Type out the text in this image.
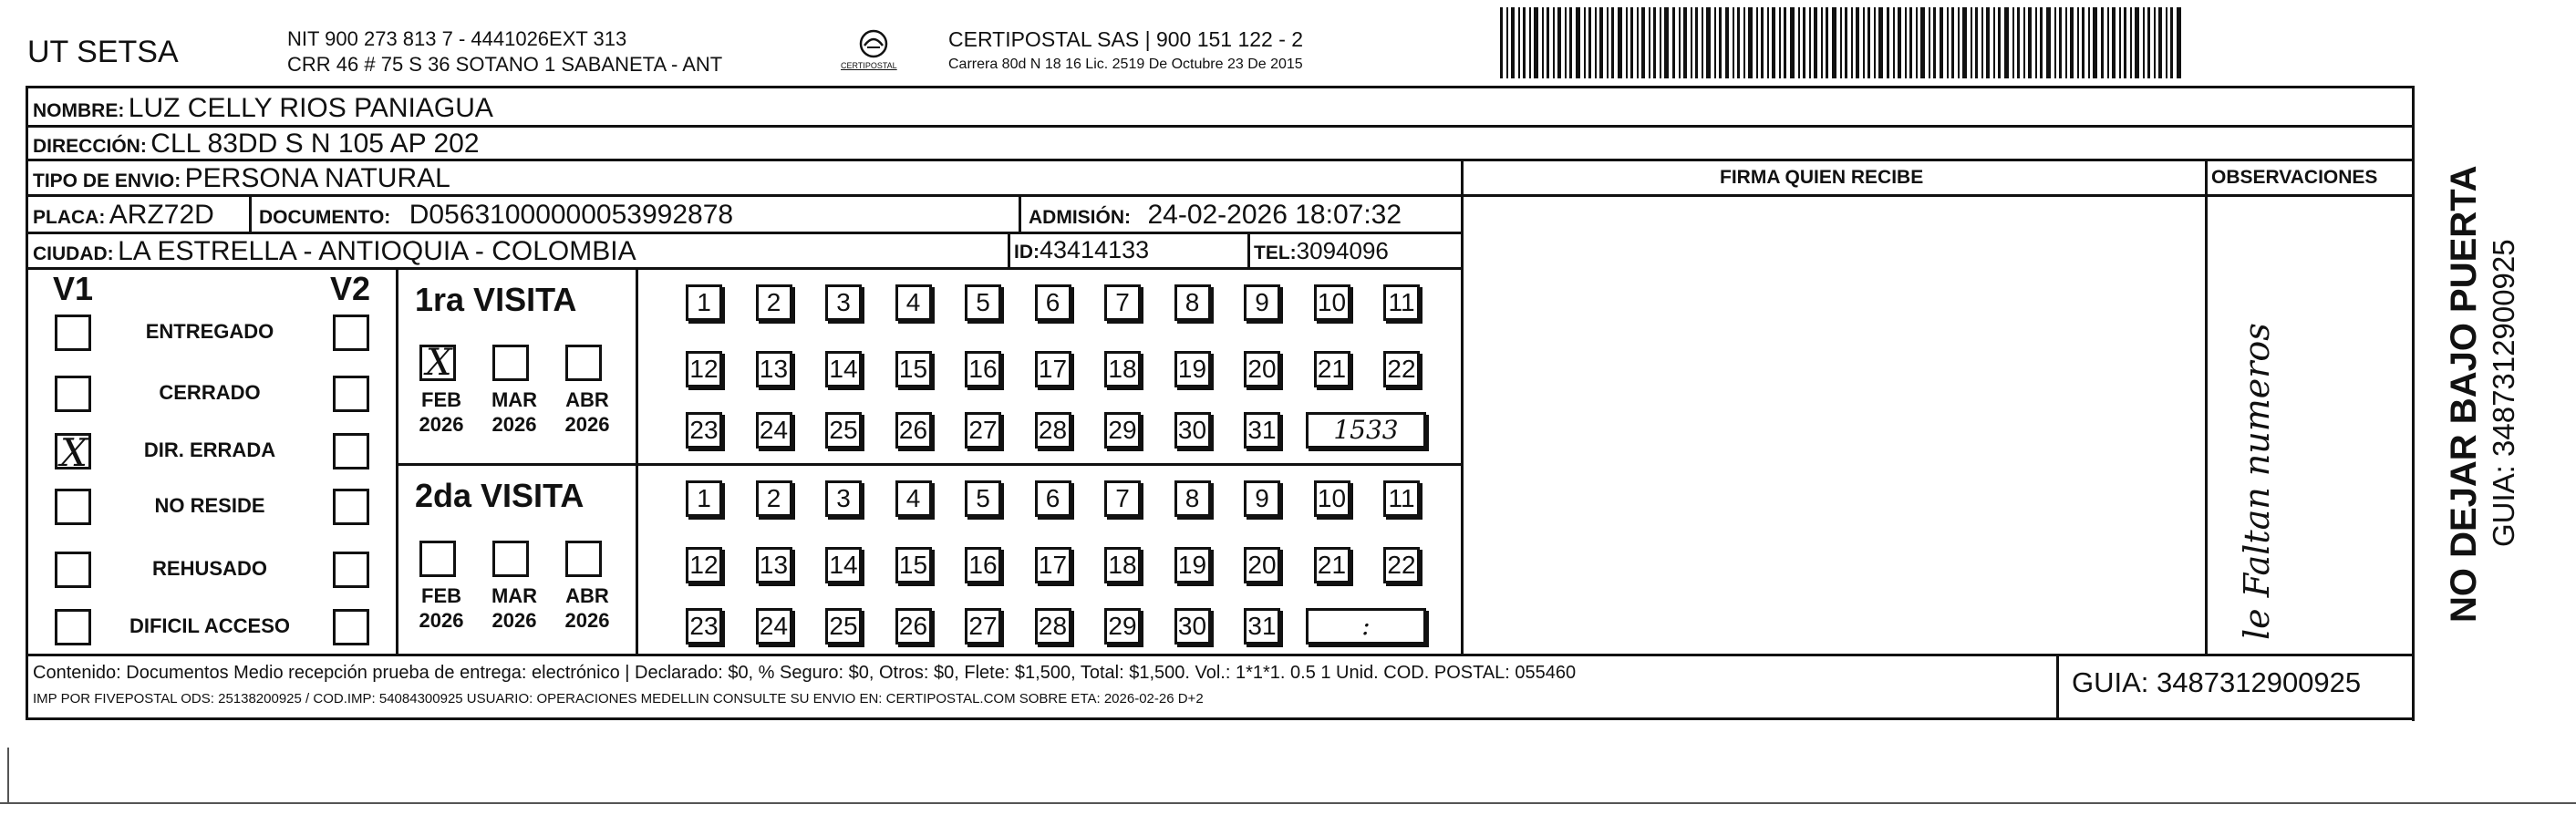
UT SETSA	NIT 900 273 813 7 - 4441026EXT 313
CRR 46 # 75 S 36 SOTANO 1 SABANETA - ANT	CERTIPOSTAL
CERTIPOSTAL SAS | 900 151 122 - 2
Carrera 80d N 18 16 Lic. 2519 De Octubre 23 De 2015
NOMBRE: LUZ CELLY RIOS PANIAGUA
DIRECCIÓN: CLL 83DD S N 105 AP 202
TIPO DE ENVIO: PERSONA NATURAL
PLACA: ARZ72D DOCUMENTO: D05631000000053992878	ADMISIÓN: 24-02-2026 18:07:32
CIUDAD: LA ESTRELLA - ANTIOQUIA - COLOMBIA	ID:43414133	TEL:3094096
FIRMA QUIEN RECIBE	OBSERVACIONES
V1	V2
ENTREGADO
CERRADO
X	DIR. ERRADA
NO RESIDE
REHUSADO
DIFICIL ACCESO
1ra VISITA
X
FEB
2026
MAR
2026
ABR
2026
1	2	3	4	5	6	7	8	9	10 11
12 13 14 15 16 17 18 19 20 21 22
23 24 25 26 27 28 29 30 31	1533
2da VISITA
FEB
2026
MAR
2026
ABR
2026
1	2	3	4	5	6	7	8	9	10 11
12 13 14 15 16 17 18 19 20 21 22
23 24 25 26 27 28 29 30 31	:	le Faltan numeros	NO DEJAR BAJO PUERTA GUIA: 3487312900925
Contenido: Documentos Medio recepción prueba de entrega: electrónico | Declarado: $0, % Seguro: $0, Otros: $0, Flete: $1,500, Total: $1,500. Vol.: 1*1*1. 0.5 1 Unid. COD. POSTAL: 055460
IMP POR FIVEPOSTAL ODS: 25138200925 / COD.IMP: 54084300925 USUARIO: OPERACIONES MEDELLIN CONSULTE SU ENVIO EN: CERTIPOSTAL.COM SOBRE ETA: 2026-02-26 D+2
GUIA: 3487312900925
